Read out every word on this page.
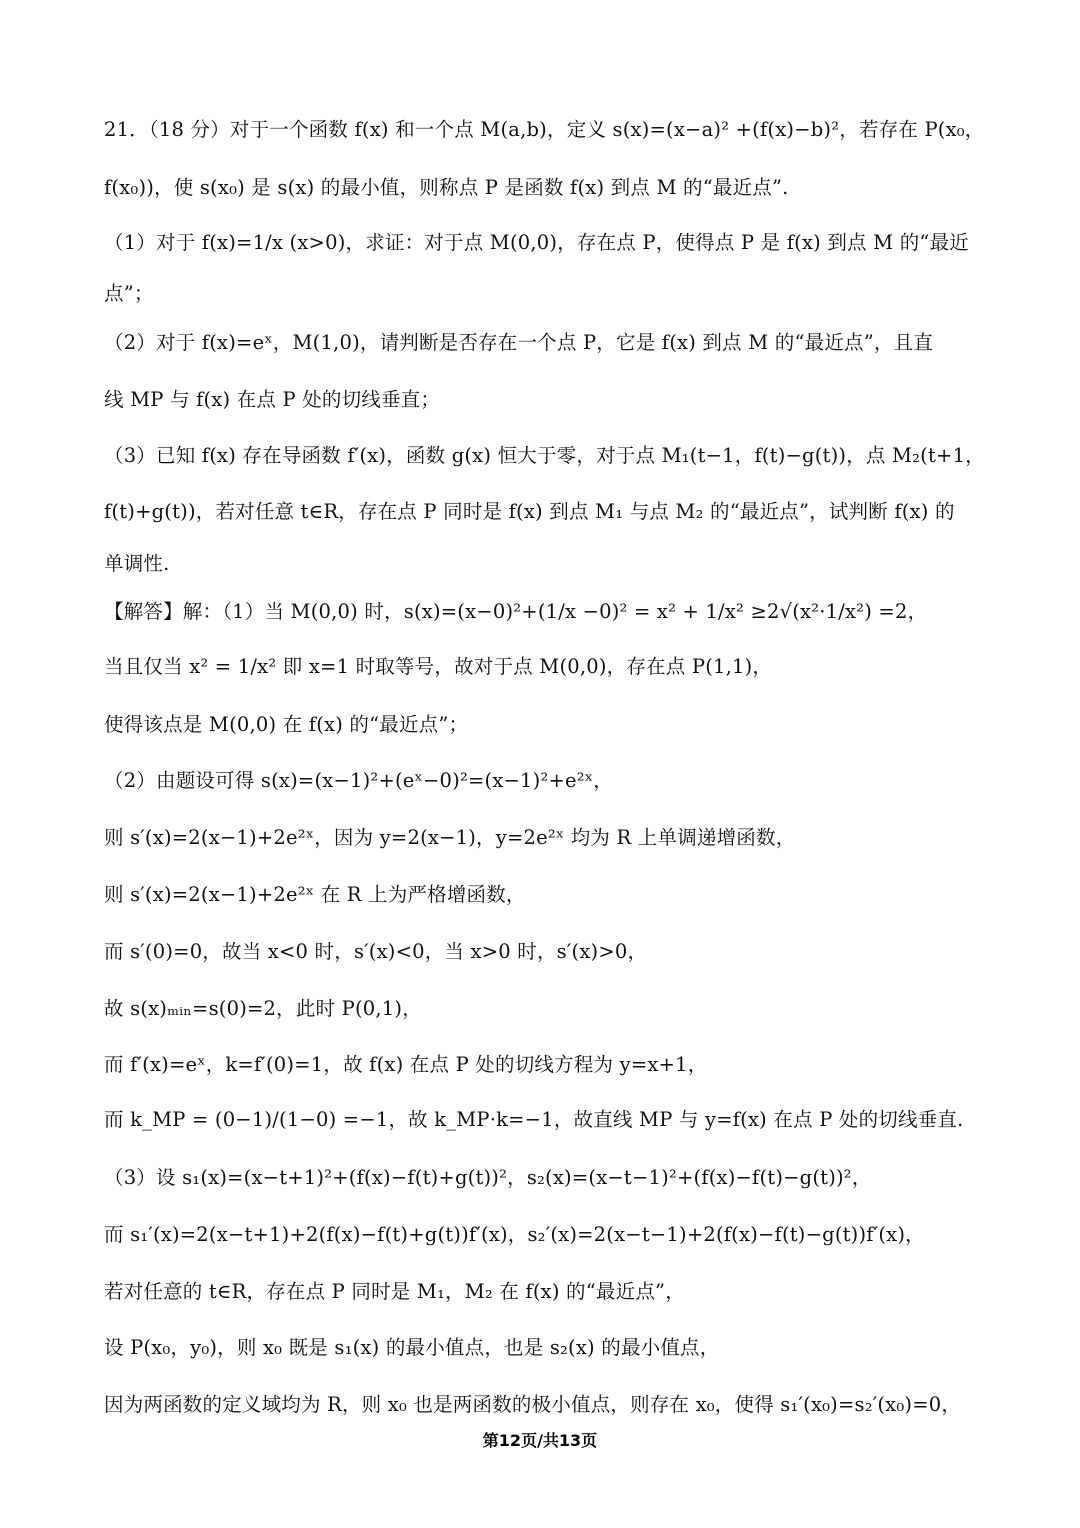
21．（18 分）对于一个函数 f(x) 和一个点 M(a,b)，定义 s(x)=(x−a)² +(f(x)−b)²，若存在 P(x₀，
f(x₀))，使 s(x₀) 是 s(x) 的最小值，则称点 P 是函数 f(x) 到点 M 的“最近点”.
（1）对于 f(x)=1/x (x>0)，求证：对于点 M(0,0)，存在点 P，使得点 P 是 f(x) 到点 M 的“最近
点”；
（2）对于 f(x)=eˣ，M(1,0)，请判断是否存在一个点 P，它是 f(x) 到点 M 的“最近点”，且直
线 MP 与 f(x) 在点 P 处的切线垂直；
（3）已知 f(x) 存在导函数 f′(x)，函数 g(x) 恒大于零，对于点 M₁(t−1，f(t)−g(t))，点 M₂(t+1，
f(t)+g(t))，若对任意 t∈R，存在点 P 同时是 f(x) 到点 M₁ 与点 M₂ 的“最近点”，试判断 f(x) 的
单调性.
【解答】解：（1）当 M(0,0) 时，s(x)=(x−0)²+(1/x −0)² = x² + 1/x² ≥2√(x²·1/x²) =2，
当且仅当 x² = 1/x² 即 x=1 时取等号，故对于点 M(0,0)，存在点 P(1,1)，
使得该点是 M(0,0) 在 f(x) 的“最近点”；
（2）由题设可得 s(x)=(x−1)²+(eˣ−0)²=(x−1)²+e²ˣ，
则 s′(x)=2(x−1)+2e²ˣ，因为 y=2(x−1)，y=2e²ˣ 均为 R 上单调递增函数，
则 s′(x)=2(x−1)+2e²ˣ 在 R 上为严格增函数，
而 s′(0)=0，故当 x<0 时，s′(x)<0，当 x>0 时，s′(x)>0，
故 s(x)ₘᵢₙ=s(0)=2，此时 P(0,1)，
而 f′(x)=eˣ，k=f′(0)=1，故 f(x) 在点 P 处的切线方程为 y=x+1，
而 k_MP = (0−1)/(1−0) =−1，故 k_MP·k=−1，故直线 MP 与 y=f(x) 在点 P 处的切线垂直.
（3）设 s₁(x)=(x−t+1)²+(f(x)−f(t)+g(t))²，s₂(x)=(x−t−1)²+(f(x)−f(t)−g(t))²，
而 s₁′(x)=2(x−t+1)+2(f(x)−f(t)+g(t))f′(x)，s₂′(x)=2(x−t−1)+2(f(x)−f(t)−g(t))f′(x)，
若对任意的 t∈R，存在点 P 同时是 M₁，M₂ 在 f(x) 的“最近点”，
设 P(x₀，y₀)，则 x₀ 既是 s₁(x) 的最小值点，也是 s₂(x) 的最小值点，
因为两函数的定义域均为 R，则 x₀ 也是两函数的极小值点，则存在 x₀，使得 s₁′(x₀)=s₂′(x₀)=0，
第12页/共13页
